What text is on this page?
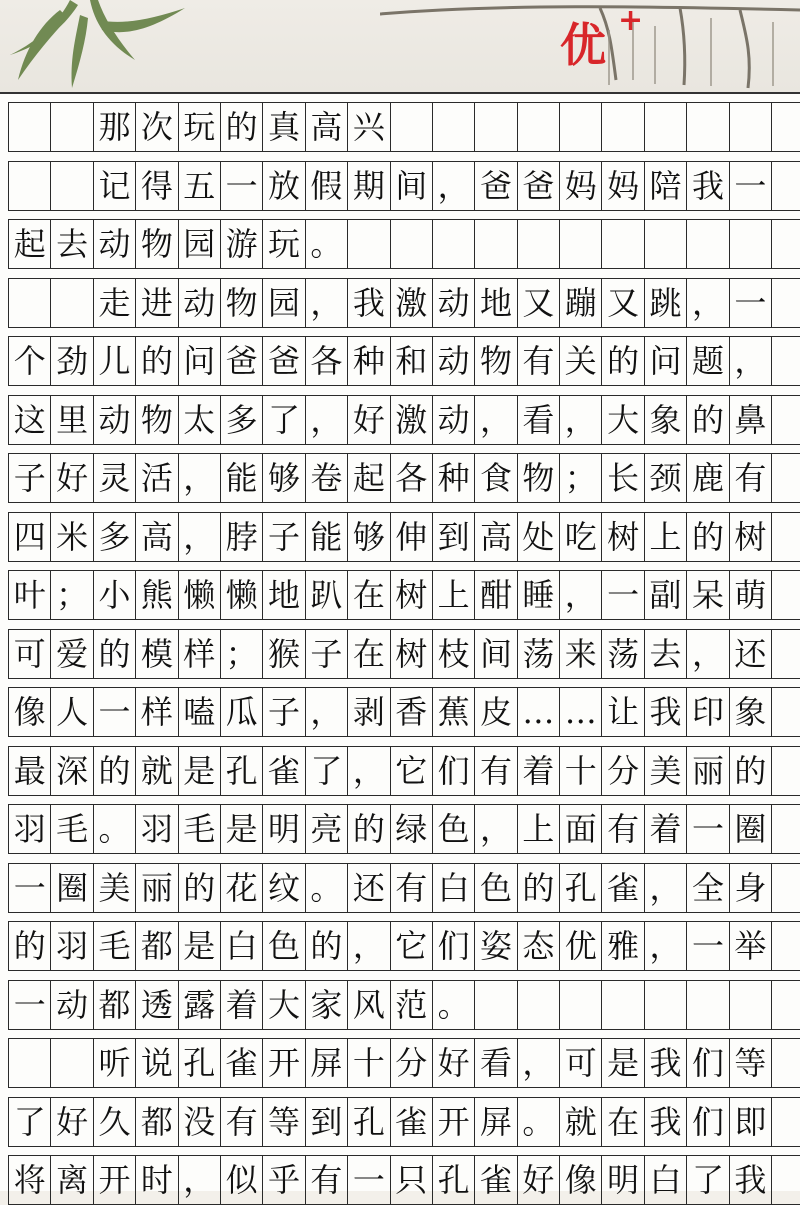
优 +
那 次 玩 的 真 高 兴
记 得 五 一 放 假 期 间 ， 爸 爸 妈 妈 陪 我 一
起 去 动 物 园 游 玩 。
走 进 动 物 园 ， 我 激 动 地 又 蹦 又 跳 ， 一
个 劲 儿 的 问 爸 爸 各 种 和 动 物 有 关 的 问 题 ，
这 里 动 物 太 多 了 ， 好 激 动 ， 看 ， 大 象 的 鼻
子 好 灵 活 ， 能 够 卷 起 各 种 食 物 ； 长 颈 鹿 有
四 米 多 高 ， 脖 子 能 够 伸 到 高 处 吃 树 上 的 树
叶 ； 小 熊 懒 懒 地 趴 在 树 上 酣 睡 ， 一 副 呆 萌
可 爱 的 模 样 ； 猴 子 在 树 枝 间 荡 来 荡 去 ， 还
像 人 一 样 嗑 瓜 子 ， 剥 香 蕉 皮 … … 让 我 印 象
最 深 的 就 是 孔 雀 了 ， 它 们 有 着 十 分 美 丽 的
羽 毛 。 羽 毛 是 明 亮 的 绿 色 ， 上 面 有 着 一 圈
一 圈 美 丽 的 花 纹 。 还 有 白 色 的 孔 雀 ， 全 身
的 羽 毛 都 是 白 色 的 ， 它 们 姿 态 优 雅 ， 一 举
一 动 都 透 露 着 大 家 风 范 。
听 说 孔 雀 开 屏 十 分 好 看 ， 可 是 我 们 等
了 好 久 都 没 有 等 到 孔 雀 开 屏 。 就 在 我 们 即
将 离 开 时 ， 似 乎 有 一 只 孔 雀 好 像 明 白 了 我
